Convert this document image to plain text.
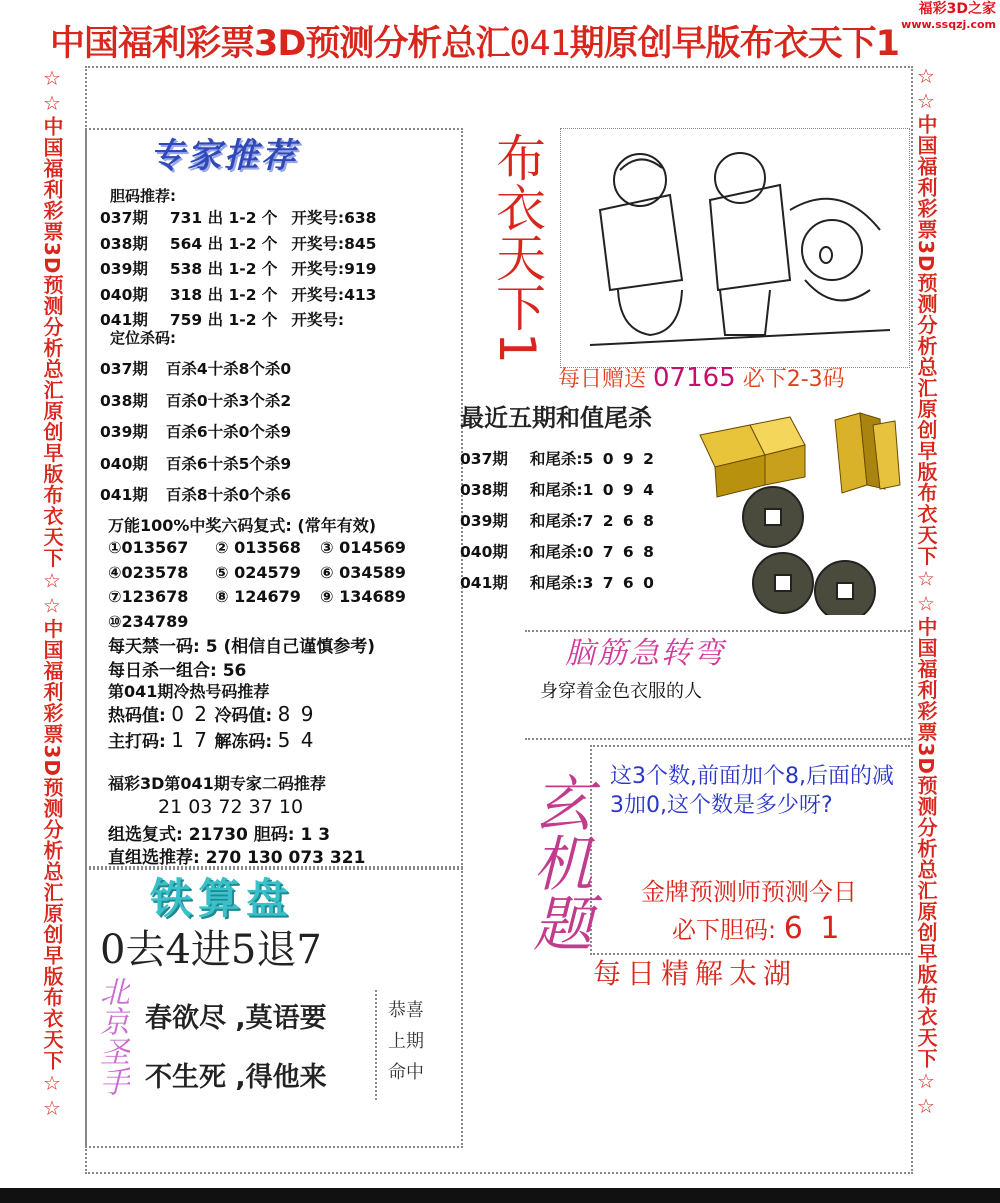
中国福利彩票3D预测分析总汇041期原创早版布衣天下1
福彩3D之家
www.ssqzj.com
☆☆中国福利彩票3D预测分析总汇原创早版布衣天下☆☆中国福利彩票3D预测分析总汇原创早版布衣天下☆☆	☆☆中国福利彩票3D预测分析总汇原创早版布衣天下☆☆中国福利彩票3D预测分析总汇原创早版布衣天下☆☆
专家推荐
胆码推荐:
定位杀码:
万能100%中奖六码复式: (常年有效)
每天禁一码: 5 (相信自己谨慎参考)
每日杀一组合: 56
第041期冷热号码推荐
热码值: 0 2 冷码值: 8 9
主打码: 1 7 解冻码: 5 4
福彩3D第041期专家二码推荐
21 03 72 37 10
组选复式: 21730 胆码: 1 3
直组选推荐: 270 130 073 321
布衣天下1
每日赠送 07165 必下2-3码
最近五期和值尾杀
脑筋急转弯
身穿着金色衣服的人
玄机题 这3个数,前面加个8,后面的减3加0,这个数是多少呀?
金牌预测师预测今日
必下胆码: 6 1
每日精解太湖
铁算盘
0去4进5退7
北京圣手 春欲尽 ,莫语要
不生死 ,得他来
恭喜上期命中
037期 731 出 1-2 个 开奖号:638
038期 564 出 1-2 个 开奖号:845
039期 538 出 1-2 个 开奖号:919
040期 318 出 1-2 个 开奖号:413
041期 759 出 1-2 个 开奖号:
037期 百杀4十杀8个杀0
038期 百杀0十杀3个杀2
039期 百杀6十杀0个杀9
040期 百杀6十杀5个杀9
041期 百杀8十杀0个杀6
037期 和尾杀:5 0 9 2
038期 和尾杀:1 0 9 4
039期 和尾杀:7 2 6 8
040期 和尾杀:0 7 6 8
041期 和尾杀:3 7 6 0
①013567 ② 013568 ③ 014569
④023578 ⑤ 024579 ⑥ 034589
⑦123678 ⑧ 124679 ⑨ 134689
⑩234789
